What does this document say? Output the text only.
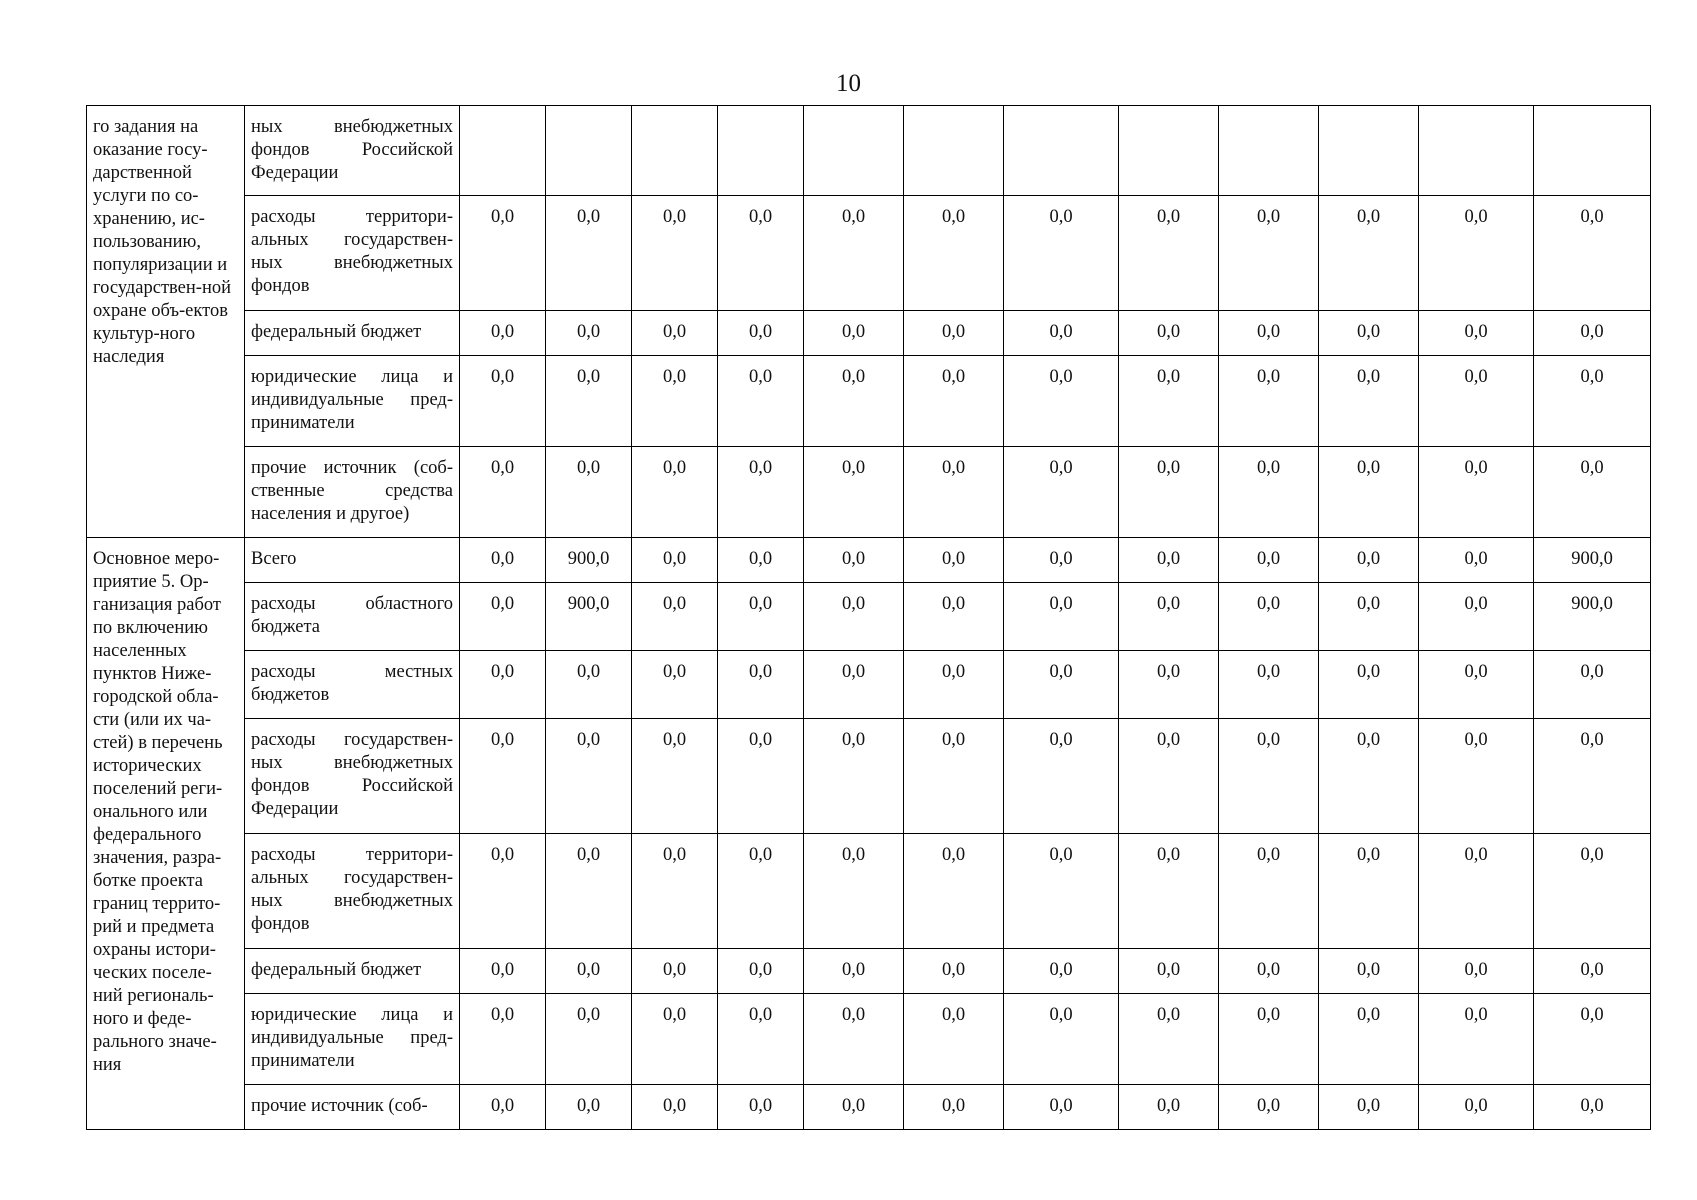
10
го задания на оказание госу-дарственной услуги по со-хранению, ис-пользованию, популяризации и государствен-ной охране объ-ектов культур-ного наследия	ных внебюджетных фондов Российской Федерации												
	расходы территори-альных государствен-ных внебюджетных фондов	0,0	0,0	0,0	0,0	0,0	0,0	0,0	0,0	0,0	0,0	0,0	0,0
	федеральный бюджет	0,0	0,0	0,0	0,0	0,0	0,0	0,0	0,0	0,0	0,0	0,0	0,0
	юридические лица и индивидуальные пред-приниматели	0,0	0,0	0,0	0,0	0,0	0,0	0,0	0,0	0,0	0,0	0,0	0,0
	прочие источник (соб-ственные средства населения и другое)	0,0	0,0	0,0	0,0	0,0	0,0	0,0	0,0	0,0	0,0	0,0	0,0
Основное меро-приятие 5. Ор-ганизация работ по включению населенных пунктов Ниже-городской обла-сти (или их ча-стей) в перечень исторических поселений реги-онального или федерального значения, разра-ботке проекта границ террито-рий и предмета охраны истори-ческих поселе-ний региональ-ного и феде-рального значе-ния	Всего	0,0	900,0	0,0	0,0	0,0	0,0	0,0	0,0	0,0	0,0	0,0	900,0
	расходы областного бюджета	0,0	900,0	0,0	0,0	0,0	0,0	0,0	0,0	0,0	0,0	0,0	900,0
	расходы местных бюджетов	0,0	0,0	0,0	0,0	0,0	0,0	0,0	0,0	0,0	0,0	0,0	0,0
	расходы государствен-ных внебюджетных фондов Российской Федерации	0,0	0,0	0,0	0,0	0,0	0,0	0,0	0,0	0,0	0,0	0,0	0,0
	расходы территори-альных государствен-ных внебюджетных фондов	0,0	0,0	0,0	0,0	0,0	0,0	0,0	0,0	0,0	0,0	0,0	0,0
	федеральный бюджет	0,0	0,0	0,0	0,0	0,0	0,0	0,0	0,0	0,0	0,0	0,0	0,0
	юридические лица и индивидуальные пред-приниматели	0,0	0,0	0,0	0,0	0,0	0,0	0,0	0,0	0,0	0,0	0,0	0,0
	прочие источник (соб-	0,0	0,0	0,0	0,0	0,0	0,0	0,0	0,0	0,0	0,0	0,0	0,0
